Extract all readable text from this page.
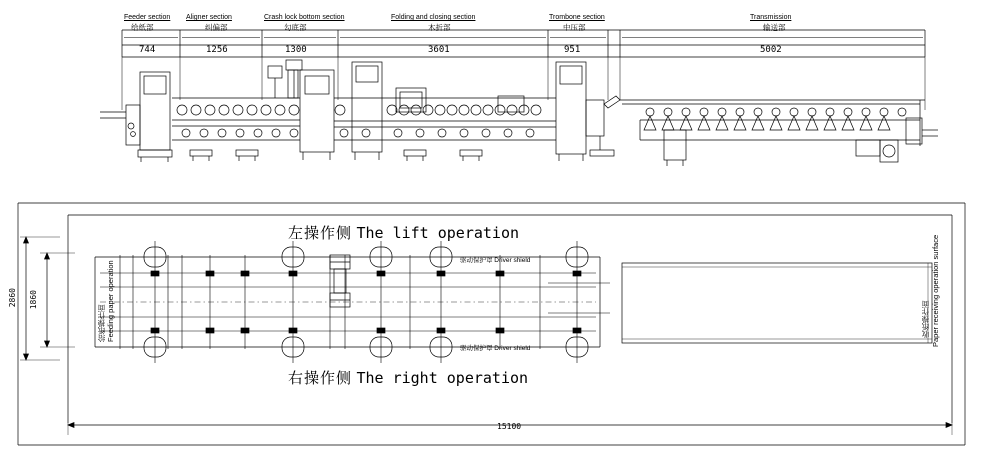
Feeder section
给纸部
744
Aligner section
纠偏部
1256
Crash lock bottom section
勾底部
1300
Folding and closing section
木折部
3601
Trombone section
中压部
951
Transmission
输送部
5002
左操作侧 The lift operation
右操作侧 The right operation
给纸操作面 Feeding paper operation	收纸操作面 Paper receiving operation surface
驱动保护罩 Driver shield
驱动保护罩 Driver shield
2860 1860
15100
